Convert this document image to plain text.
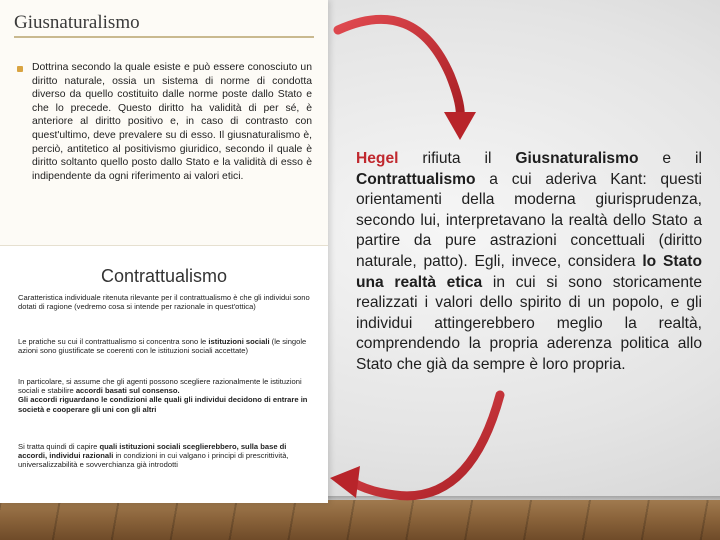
Giusnaturalismo
Dottrina secondo la quale esiste e può essere conosciuto un diritto naturale, ossia un sistema di norme di condotta diverso da quello costituito dalle norme poste dallo Stato e che lo precede. Questo diritto ha validità di per sé, è anteriore al diritto positivo e, in caso di contrasto con quest'ultimo, deve prevalere su di esso. Il giusnaturalismo è, perciò, antitetico al positivismo giuridico, secondo il quale è diritto soltanto quello posto dallo Stato e la validità di esso è indipendente da ogni riferimento ai valori etici.
Contrattualismo
Caratteristica individuale ritenuta rilevante per il contrattualismo è che gli individui sono dotati di ragione (vedremo cosa si intende per razionale in quest'ottica)
Le pratiche su cui il contrattualismo si concentra sono le istituzioni sociali (le singole azioni sono giustificate se coerenti con le istituzioni sociali accettate)
In particolare, si assume che gli agenti possono scegliere razionalmente le istituzioni sociali e stabilire accordi basati sul consenso.
Gli accordi riguardano le condizioni alle quali gli individui decidono di entrare in società e cooperare gli uni con gli altri
Si tratta quindi di capire quali istituzioni sociali sceglierebbero, sulla base di accordi, individui razionali in condizioni in cui valgano i principi di prescrittività, universalizzabilità e sovverchianza già introdotti
Hegel rifiuta il Giusnaturalismo e il Contrattualismo a cui aderiva Kant: questi orientamenti della moderna giurisprudenza, secondo lui, interpretavano la realtà dello Stato a partire da pure astrazioni concettuali (diritto naturale, patto). Egli, invece, considera lo Stato una realtà etica in cui si sono storicamente realizzati i valori dello spirito di un popolo, e gli individui attingerebbero meglio la realtà, comprendendo la propria aderenza politica allo Stato che già da sempre è loro propria.
